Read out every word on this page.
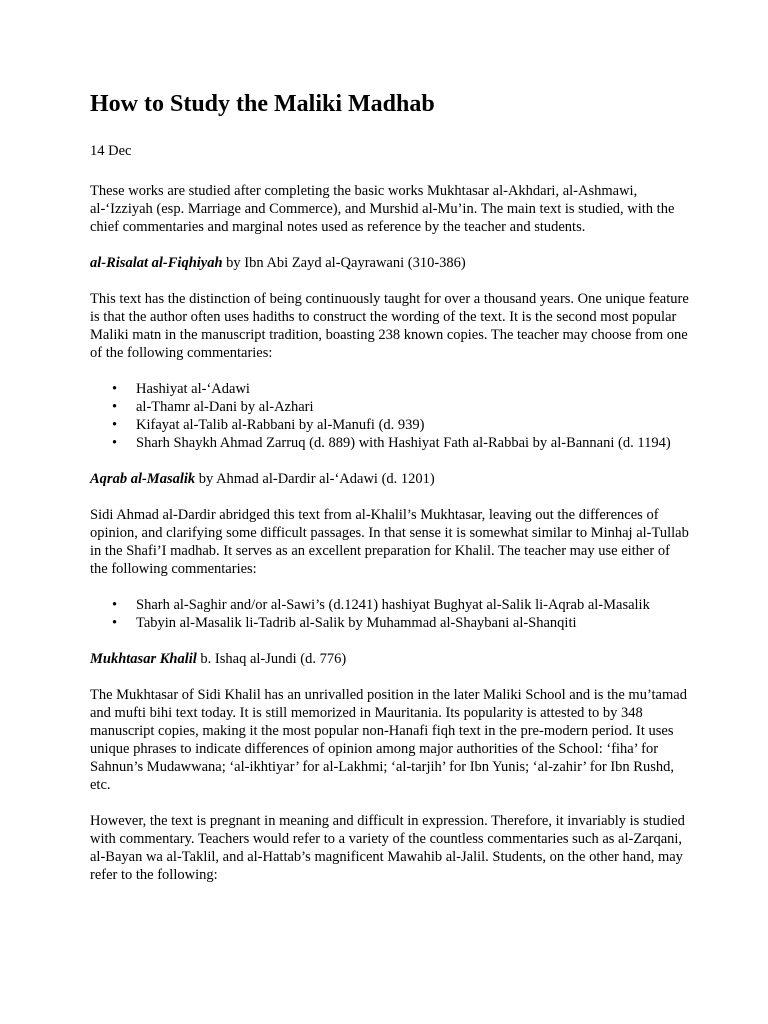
How to Study the Maliki Madhab

14 Dec

These works are studied after completing the basic works Mukhtasar al-Akhdari, al-Ashmawi, al-‘Izziyah (esp. Marriage and Commerce), and Murshid al-Mu’in. The main text is studied, with the chief commentaries and marginal notes used as reference by the teacher and students.

al-Risalat al-Fiqhiyah by Ibn Abi Zayd al-Qayrawani (310-386)

This text has the distinction of being continuously taught for over a thousand years. One unique feature is that the author often uses hadiths to construct the wording of the text. It is the second most popular Maliki matn in the manuscript tradition, boasting 238 known copies. The teacher may choose from one of the following commentaries:

• Hashiyat al-‘Adawi
• al-Thamr al-Dani by al-Azhari
• Kifayat al-Talib al-Rabbani by al-Manufi (d. 939)
• Sharh Shaykh Ahmad Zarruq (d. 889) with Hashiyat Fath al-Rabbai by al-Bannani (d. 1194)

Aqrab al-Masalik by Ahmad al-Dardir al-‘Adawi (d. 1201)

Sidi Ahmad al-Dardir abridged this text from al-Khalil’s Mukhtasar, leaving out the differences of opinion, and clarifying some difficult passages. In that sense it is somewhat similar to Minhaj al-Tullab in the Shafi’I madhab. It serves as an excellent preparation for Khalil. The teacher may use either of the following commentaries:

• Sharh al-Saghir and/or al-Sawi’s (d.1241) hashiyat Bughyat al-Salik li-Aqrab al-Masalik
• Tabyin al-Masalik li-Tadrib al-Salik by Muhammad al-Shaybani al-Shanqiti

Mukhtasar Khalil b. Ishaq al-Jundi (d. 776)

The Mukhtasar of Sidi Khalil has an unrivalled position in the later Maliki School and is the mu’tamad and mufti bihi text today. It is still memorized in Mauritania. Its popularity is attested to by 348 manuscript copies, making it the most popular non-Hanafi fiqh text in the pre-modern period. It uses unique phrases to indicate differences of opinion among major authorities of the School: ‘fiha’ for Sahnun’s Mudawwana; ‘al-ikhtiyar’ for al-Lakhmi; ‘al-tarjih’ for Ibn Yunis; ‘al-zahir’ for Ibn Rushd, etc.

However, the text is pregnant in meaning and difficult in expression. Therefore, it invariably is studied with commentary. Teachers would refer to a variety of the countless commentaries such as al-Zarqani, al-Bayan wa al-Taklil, and al-Hattab’s magnificent Mawahib al-Jalil. Students, on the other hand, may refer to the following:
